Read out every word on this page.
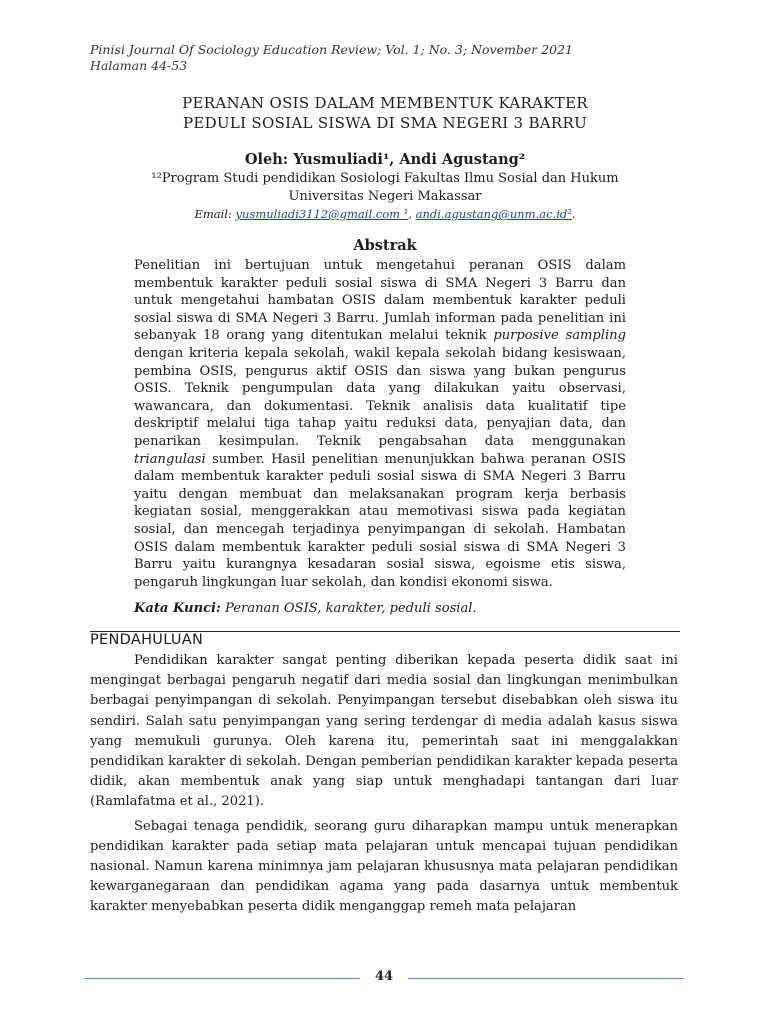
Pinisi Journal Of Sociology Education Review; Vol. 1; No. 3; November 2021
Halaman 44-53
PERANAN OSIS DALAM MEMBENTUK KARAKTER
PEDULI SOSIAL SISWA DI SMA NEGERI 3 BARRU
Oleh: Yusmuliadi¹, Andi Agustang²
¹²Program Studi pendidikan Sosiologi Fakultas Ilmu Sosial dan Hukum
Universitas Negeri Makassar
Email: yusmuliadi3112@gmail.com ¹, andi.agustang@unm.ac.id².
Abstrak

Penelitian ini bertujuan untuk mengetahui peranan OSIS dalam membentuk karakter peduli sosial siswa di SMA Negeri 3 Barru dan untuk mengetahui hambatan OSIS dalam membentuk karakter peduli sosial siswa di SMA Negeri 3 Barru. Jumlah informan pada penelitian ini sebanyak 18 orang yang ditentukan melalui teknik purposive sampling dengan kriteria kepala sekolah, wakil kepala sekolah bidang kesiswaan, pembina OSIS, pengurus aktif OSIS dan siswa yang bukan pengurus OSIS. Teknik pengumpulan data yang dilakukan yaitu observasi, wawancara, dan dokumentasi. Teknik analisis data kualitatif tipe deskriptif melalui tiga tahap yaitu reduksi data, penyajian data, dan penarikan kesimpulan. Teknik pengabsahan data menggunakan triangulasi sumber. Hasil penelitian menunjukkan bahwa peranan OSIS dalam membentuk karakter peduli sosial siswa di SMA Negeri 3 Barru yaitu dengan membuat dan melaksanakan program kerja berbasis kegiatan sosial, menggerakkan atau memotivasi siswa pada kegiatan sosial, dan mencegah terjadinya penyimpangan di sekolah. Hambatan OSIS dalam membentuk karakter peduli sosial siswa di SMA Negeri 3 Barru yaitu kurangnya kesadaran sosial siswa, egoisme etis siswa, pengaruh lingkungan luar sekolah, dan kondisi ekonomi siswa.

Kata Kunci: Peranan OSIS, karakter, peduli sosial.
PENDAHULUAN

Pendidikan karakter sangat penting diberikan kepada peserta didik saat ini mengingat berbagai pengaruh negatif dari media sosial dan lingkungan menimbulkan berbagai penyimpangan di sekolah. Penyimpangan tersebut disebabkan oleh siswa itu sendiri. Salah satu penyimpangan yang sering terdengar di media adalah kasus siswa yang memukuli gurunya. Oleh karena itu, pemerintah saat ini menggalakkan pendidikan karakter di sekolah. Dengan pemberian pendidikan karakter kepada peserta didik, akan membentuk anak yang siap untuk menghadapi tantangan dari luar (Ramlafatma et al., 2021).

Sebagai tenaga pendidik, seorang guru diharapkan mampu untuk menerapkan pendidikan karakter pada setiap mata pelajaran untuk mencapai tujuan pendidikan nasional. Namun karena minimnya jam pelajaran khususnya mata pelajaran pendidikan kewarganegaraan dan pendidikan agama yang pada dasarnya untuk membentuk karakter menyebabkan peserta didik menganggap remeh mata pelajaran

44
